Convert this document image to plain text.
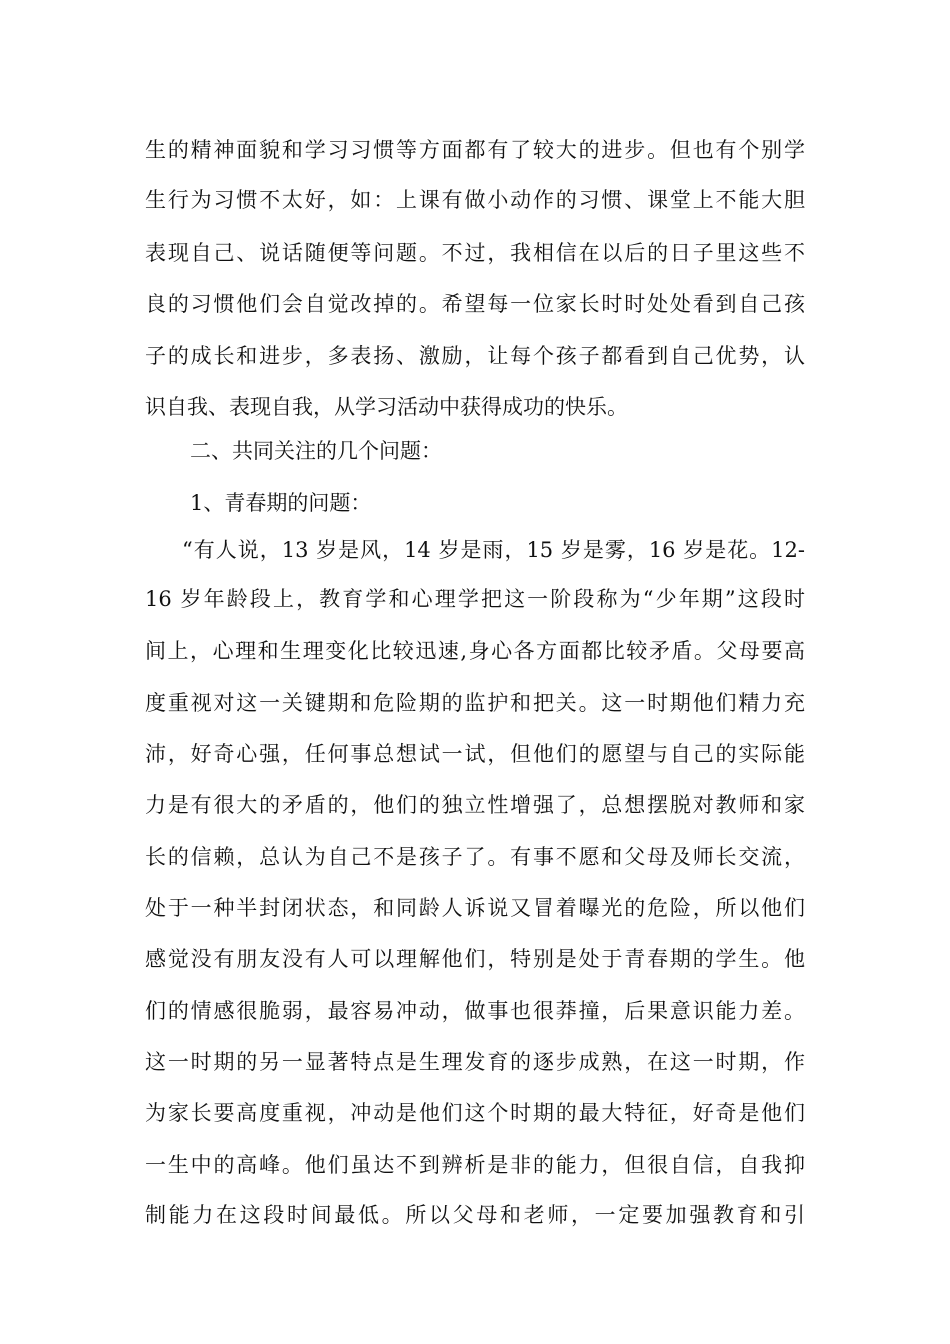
生的精神面貌和学习习惯等方面都有了较大的进步。但也有个别学
生行为习惯不太好，如：上课有做小动作的习惯、课堂上不能大胆
表现自己、说话随便等问题。不过，我相信在以后的日子里这些不
良的习惯他们会自觉改掉的。希望每一位家长时时处处看到自己孩
子的成长和进步，多表扬、激励，让每个孩子都看到自己优势，认
识自我、表现自我，从学习活动中获得成功的快乐。
二、共同关注的几个问题：
1、青春期的问题：
“有人说，13 岁是风，14 岁是雨，15 岁是雾，16 岁是花。12-
16 岁年龄段上，教育学和心理学把这一阶段称为“少年期”这段时
间上，心理和生理变化比较迅速,身心各方面都比较矛盾。父母要高
度重视对这一关键期和危险期的监护和把关。这一时期他们精力充
沛，好奇心强，任何事总想试一试，但他们的愿望与自己的实际能
力是有很大的矛盾的，他们的独立性增强了，总想摆脱对教师和家
长的信赖，总认为自己不是孩子了。有事不愿和父母及师长交流，
处于一种半封闭状态，和同龄人诉说又冒着曝光的危险，所以他们
感觉没有朋友没有人可以理解他们，特别是处于青春期的学生。他
们的情感很脆弱，最容易冲动，做事也很莽撞，后果意识能力差。
这一时期的另一显著特点是生理发育的逐步成熟，在这一时期，作
为家长要高度重视，冲动是他们这个时期的最大特征，好奇是他们
一生中的高峰。他们虽达不到辨析是非的能力，但很自信，自我抑
制能力在这段时间最低。所以父母和老师，一定要加强教育和引
